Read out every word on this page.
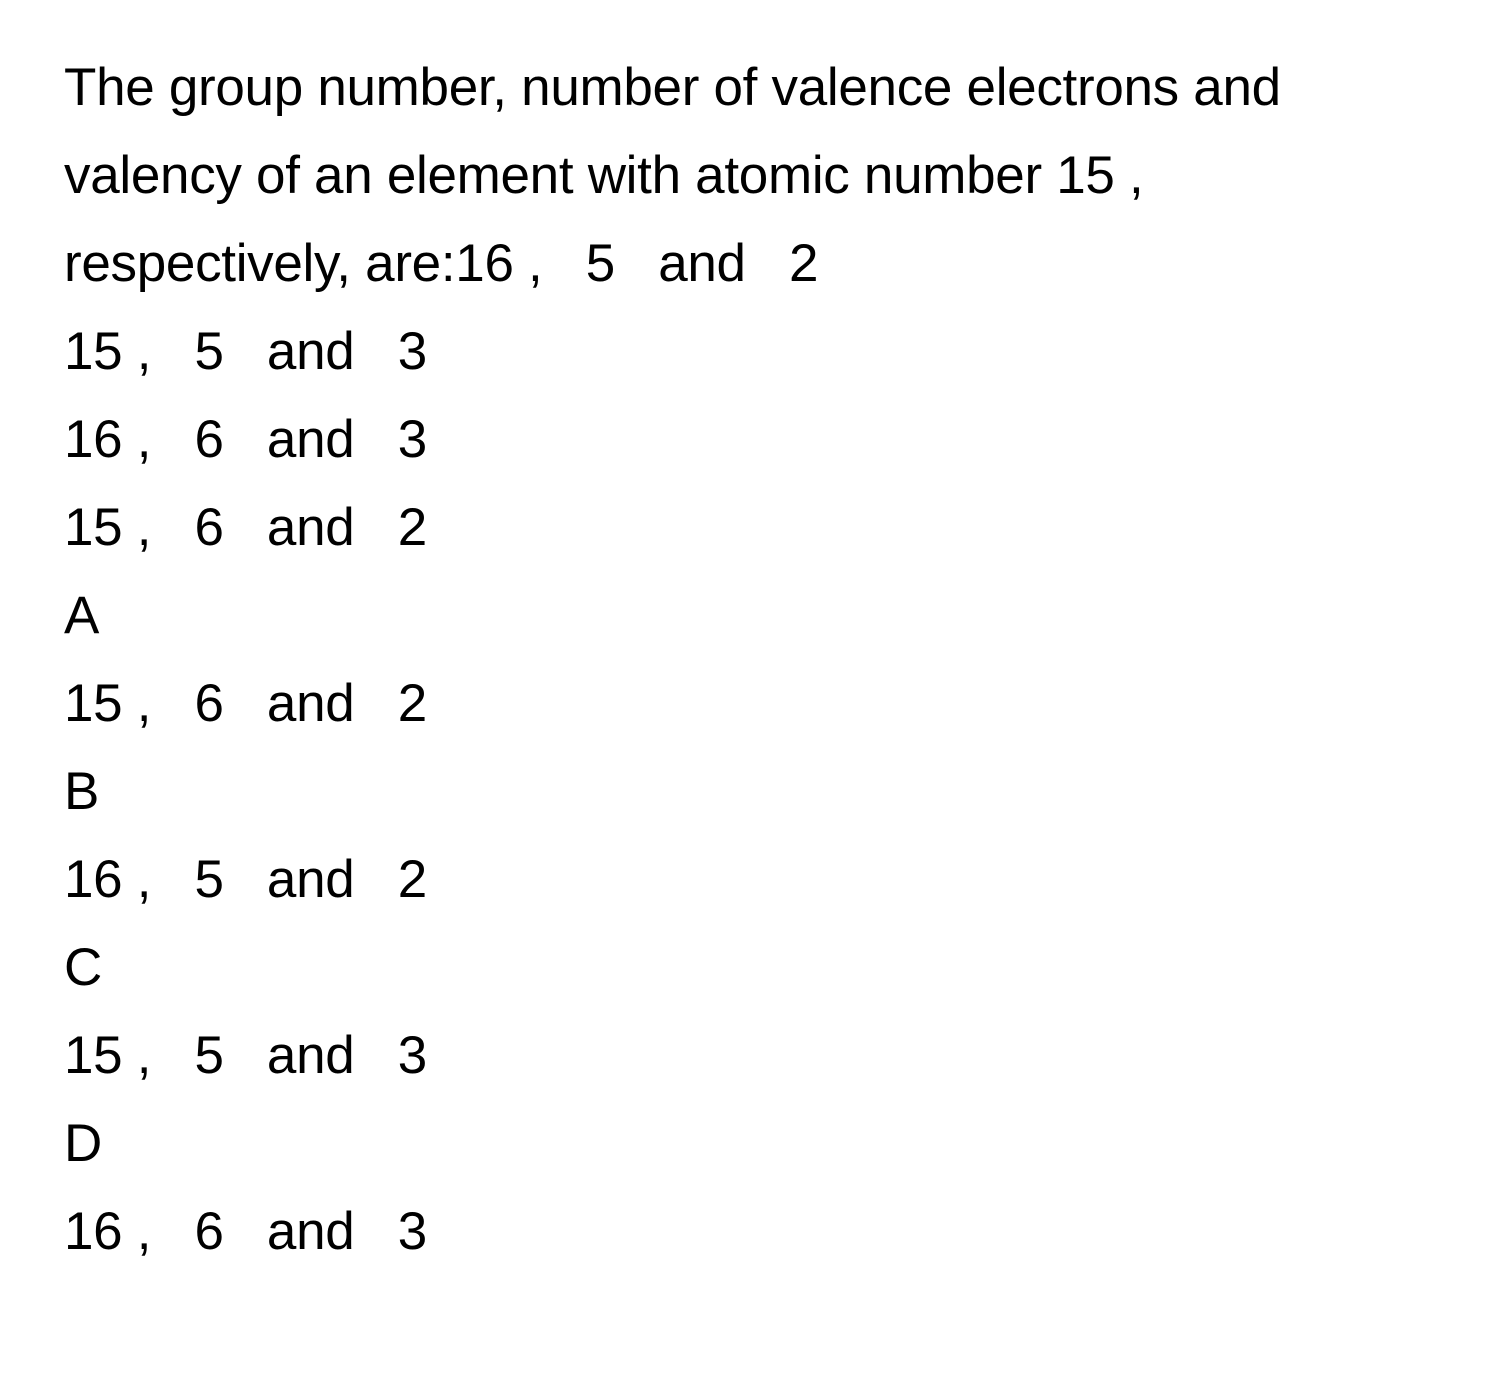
The group number, number of valence electrons and
valency of an element with atomic number 15 ,
respectively, are:16 ,   5   and   2
15 ,   5   and   3
16 ,   6   and   3
15 ,   6   and   2
A
15 ,   6   and   2
B
16 ,   5   and   2
C
15 ,   5   and   3
D
16 ,   6   and   3
